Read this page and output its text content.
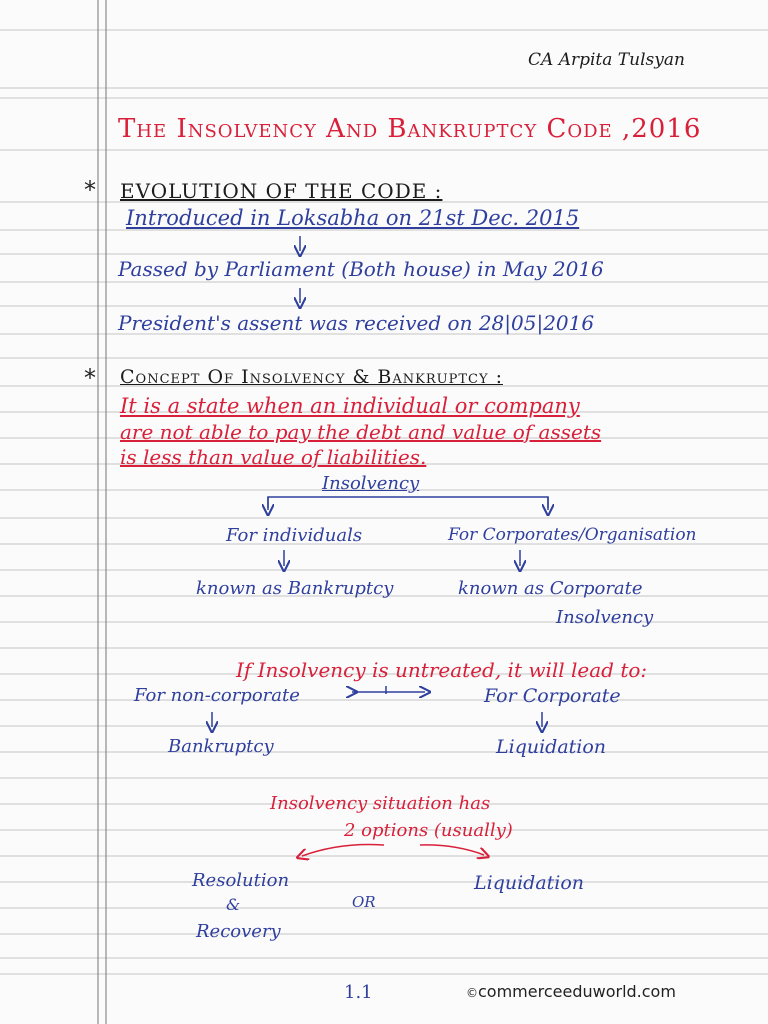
*
*
CA Arpita Tulsyan
The Insolvency And Bankruptcy Code ,2016
EVOLUTION OF THE CODE :
Introduced in Loksabha on 21st Dec. 2015
Passed by Parliament (Both house) in May 2016
President's assent was received on 28|05|2016
Concept Of Insolvency & Bankruptcy :
It is a state when an individual or company
are not able to pay the debt and value of assets
is less than value of liabilities.
Insolvency
For individuals	For Corporates/Organisation
known as Bankruptcy	known as Corporate
Insolvency
If Insolvency is untreated, it will lead to:
For non-corporate	For Corporate
Bankruptcy	Liquidation
Insolvency situation has
2 options (usually)
Resolution
&
Recovery
OR
Liquidation
1.1	©commerceeduworld.com
